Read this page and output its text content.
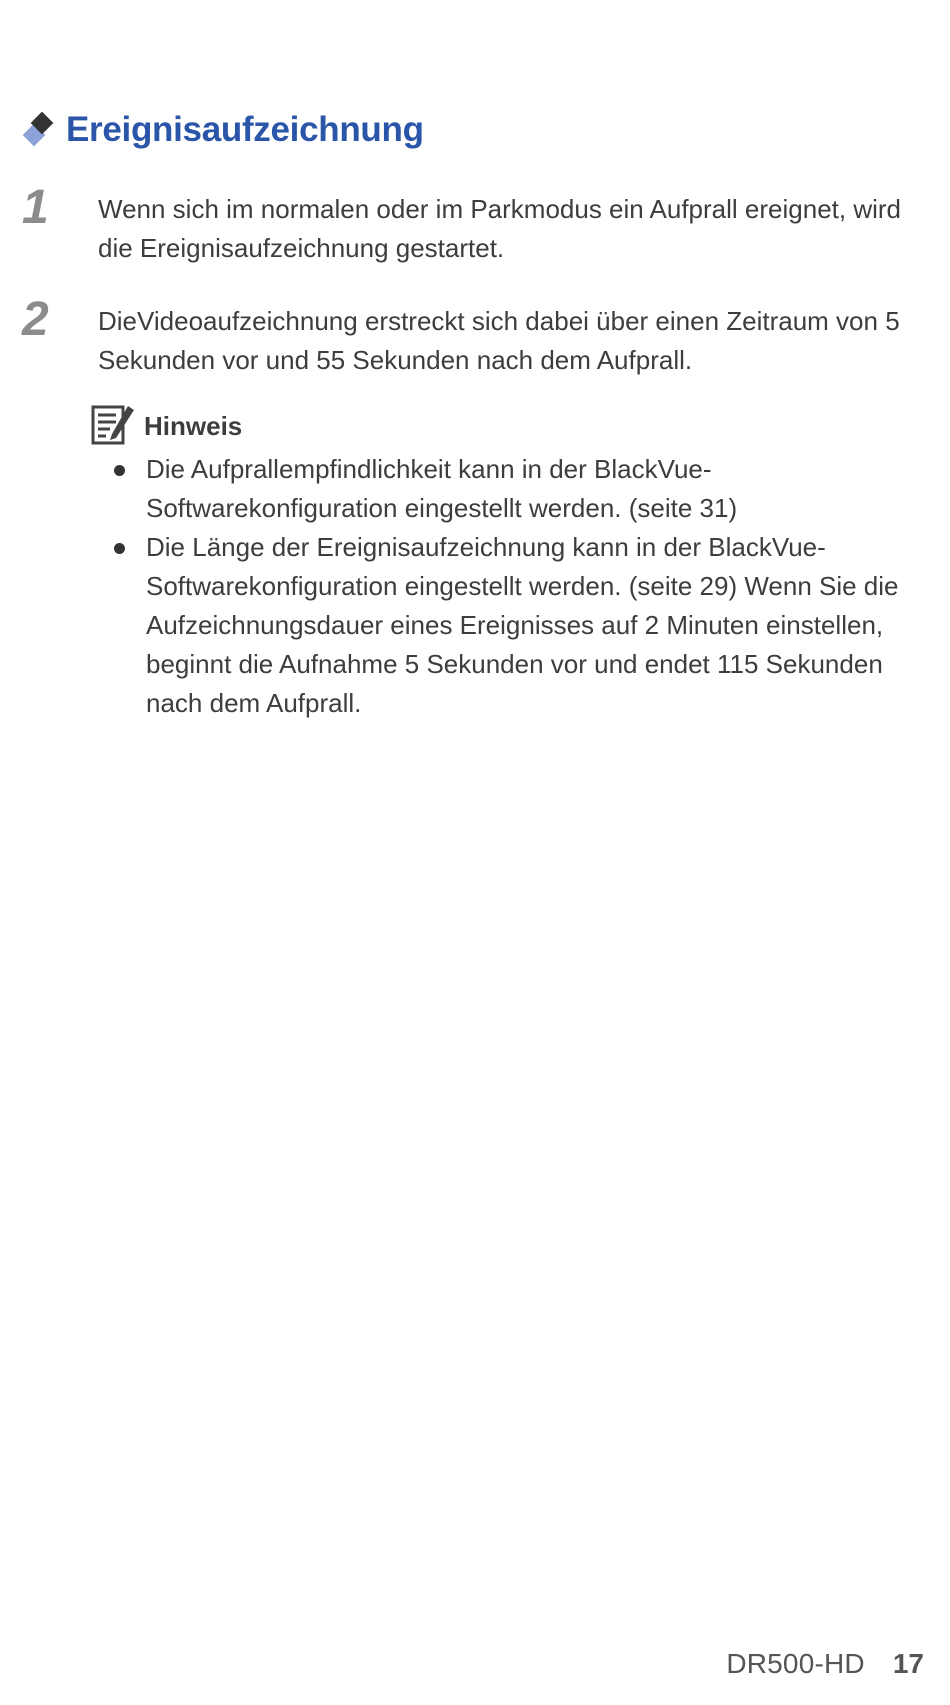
Ereignisaufzeichnung
1 Wenn sich im normalen oder im Parkmodus ein Aufprall ereignet, wird die Ereignisaufzeichnung gestartet.
2 DieVideoaufzeichnung erstreckt sich dabei über einen Zeitraum von 5 Sekunden vor und 55 Sekunden nach dem Aufprall.
Hinweis
Die Aufprallempfindlichkeit kann in der BlackVue-Softwarekonfiguration eingestellt werden. (seite 31)
Die Länge der Ereignisaufzeichnung kann in der BlackVue-Softwarekonfiguration eingestellt werden. (seite 29) Wenn Sie die Aufzeichnungsdauer eines Ereignisses auf 2 Minuten einstellen, beginnt die Aufnahme 5 Sekunden vor und endet 115 Sekunden nach dem Aufprall.
DR500-HD 17
